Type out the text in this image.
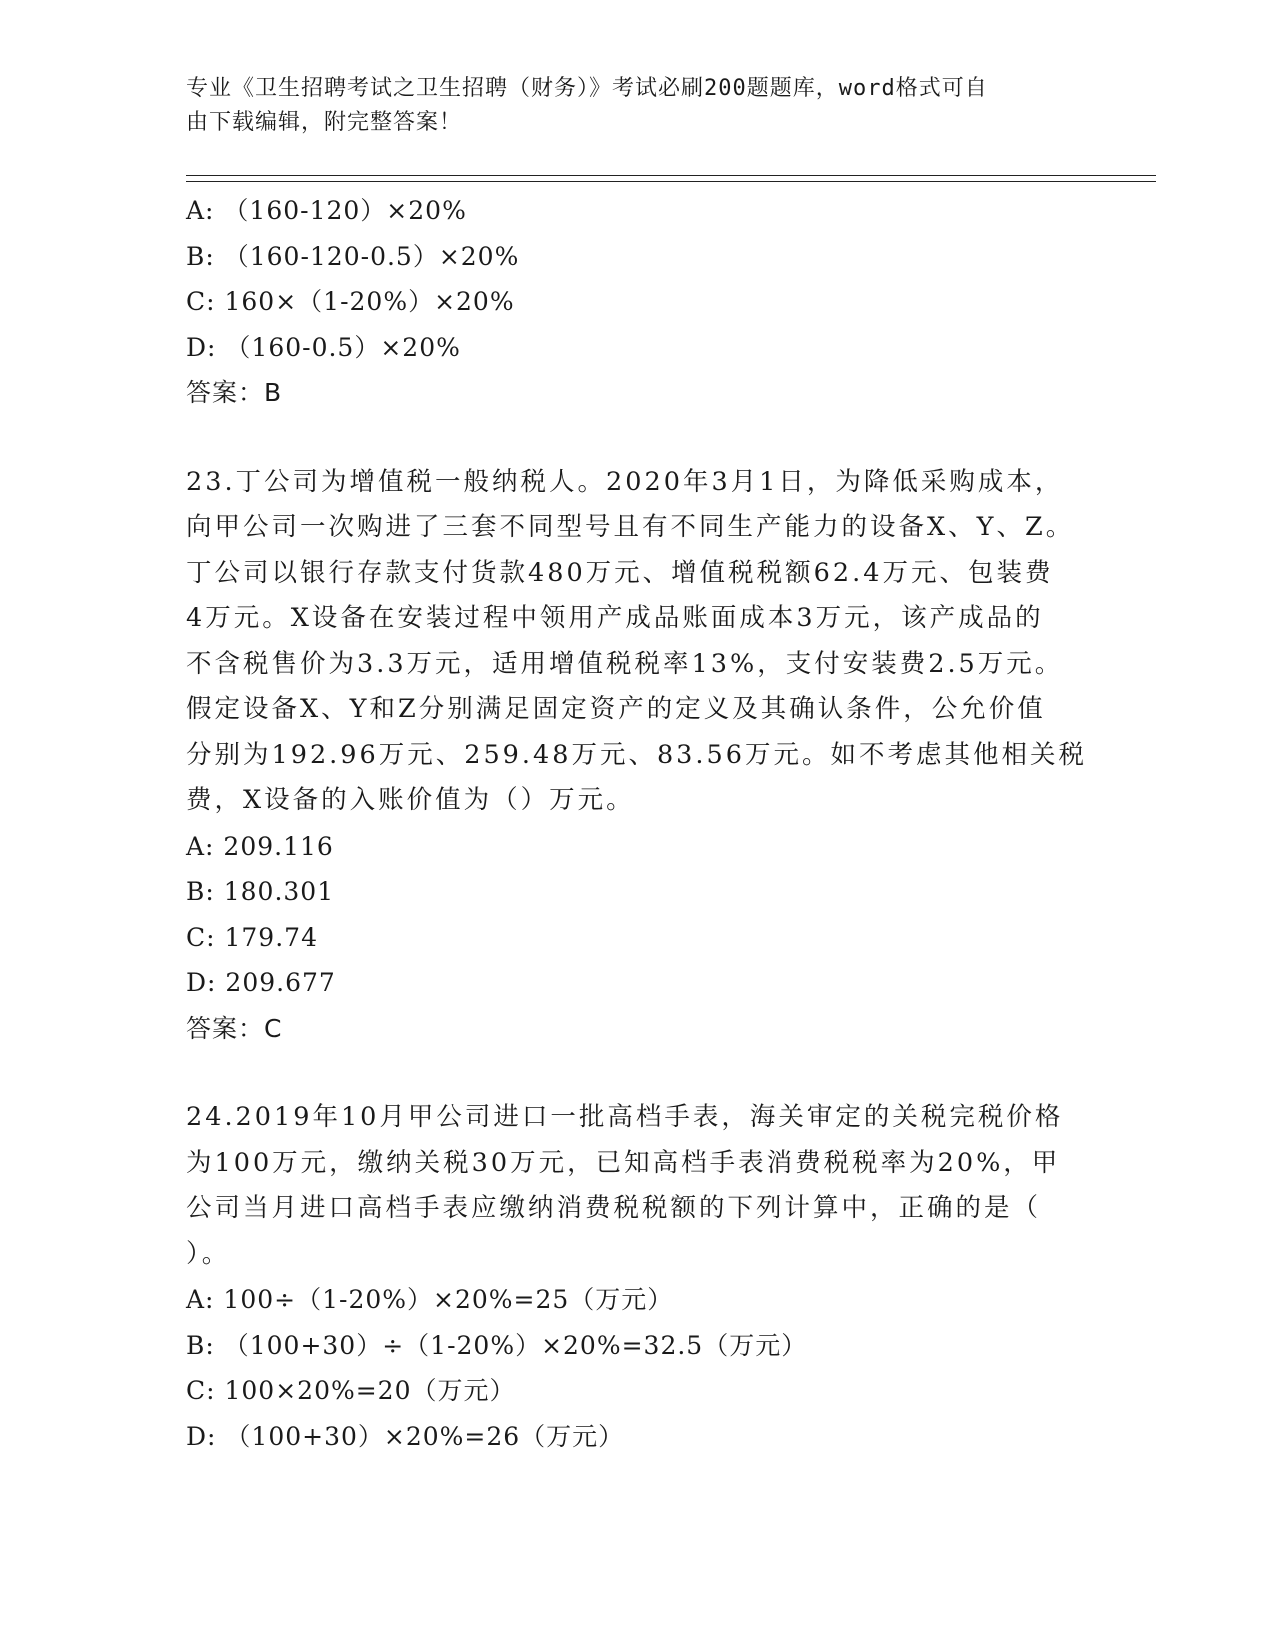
专业《卫生招聘考试之卫生招聘（财务）》考试必刷200题题库，word格式可自
由下载编辑，附完整答案！
A: （160-120）×20%
B: （160-120-0.5）×20%
C: 160×（1-20%）×20%
D: （160-0.5）×20%
答案：B

23.丁公司为增值税一般纳税人。2020年3月1日，为降低采购成本，
向甲公司一次购进了三套不同型号且有不同生产能力的设备X、Y、Z。
丁公司以银行存款支付货款480万元、增值税税额62.4万元、包装费
4万元。X设备在安装过程中领用产成品账面成本3万元，该产成品的
不含税售价为3.3万元，适用增值税税率13%，支付安装费2.5万元。
假定设备X、Y和Z分别满足固定资产的定义及其确认条件，公允价值
分别为192.96万元、259.48万元、83.56万元。如不考虑其他相关税
费，X设备的入账价值为（）万元。

A: 209.116
B: 180.301
C: 179.74
D: 209.677
答案：C

24.2019年10月甲公司进口一批高档手表，海关审定的关税完税价格
为100万元，缴纳关税30万元，已知高档手表消费税税率为20%，甲
公司当月进口高档手表应缴纳消费税税额的下列计算中，正确的是（
）。

A: 100÷（1-20%）×20%=25（万元）
B: （100+30）÷（1-20%）×20%=32.5（万元）
C: 100×20%=20（万元）
D: （100+30）×20%=26（万元）
